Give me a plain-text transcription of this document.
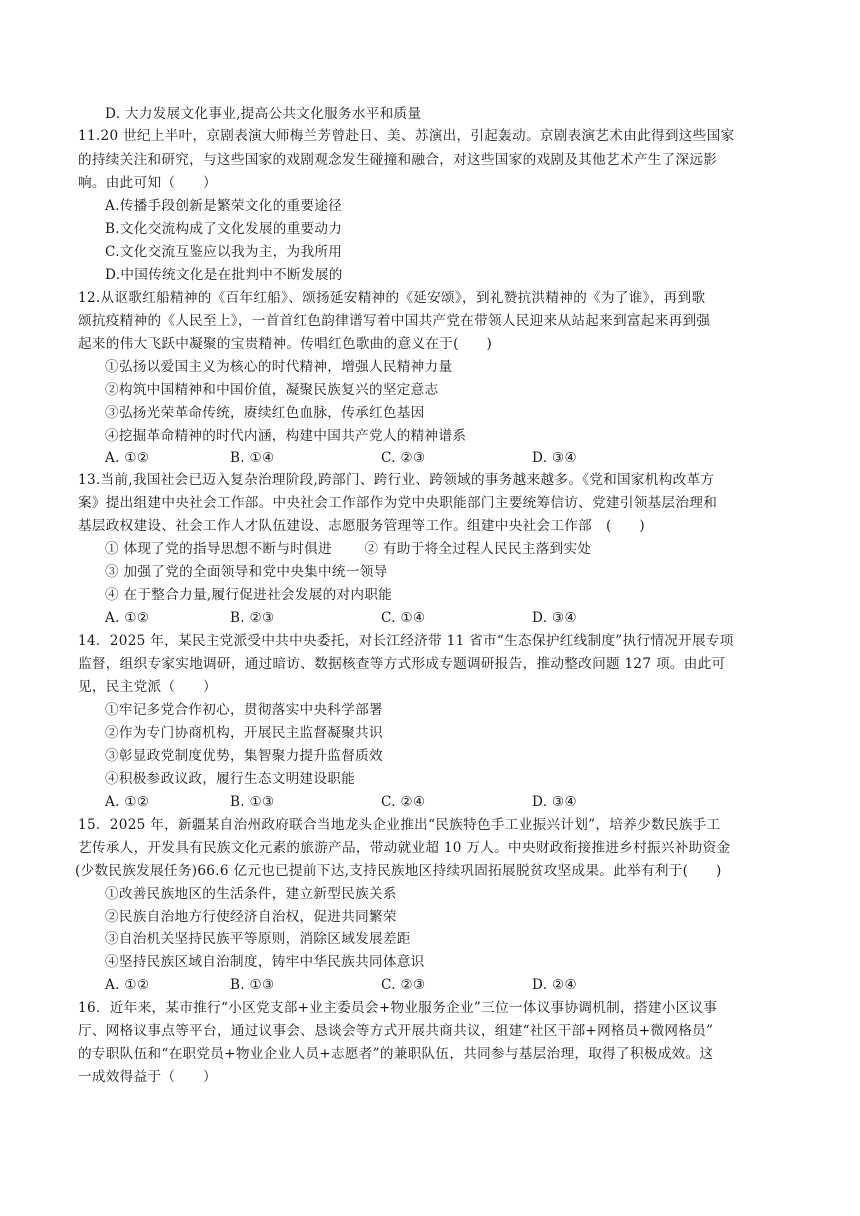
D. 大力发展文化事业,提高公共文化服务水平和质量
11.20 世纪上半叶，京剧表演大师梅兰芳曾赴日、美、苏演出，引起轰动。京剧表演艺术由此得到这些国家
的持续关注和研究，与这些国家的戏剧观念发生碰撞和融合，对这些国家的戏剧及其他艺术产生了深远影
响。由此可知（　　）
A.传播手段创新是繁荣文化的重要途径
B.文化交流构成了文化发展的重要动力
C.文化交流互鉴应以我为主，为我所用
D.中国传统文化是在批判中不断发展的
12.从讴歌红船精神的《百年红船》、颂扬延安精神的《延安颂》，到礼赞抗洪精神的《为了谁》，再到歌
颂抗疫精神的《人民至上》，一首首红色韵律谱写着中国共产党在带领人民迎来从站起来到富起来再到强
起来的伟大飞跃中凝聚的宝贵精神。传唱红色歌曲的意义在于(　　)
①弘扬以爱国主义为核心的时代精神，增强人民精神力量
②构筑中国精神和中国价值，凝聚民族复兴的坚定意志
③弘扬光荣革命传统，赓续红色血脉，传承红色基因
④挖掘革命精神的时代内涵，构建中国共产党人的精神谱系
A. ①②	B. ①④	C. ②③	D. ③④
13.当前,我国社会已迈入复杂治理阶段,跨部门、跨行业、跨领域的事务越来越多。《党和国家机构改革方
案》提出组建中央社会工作部。中央社会工作部作为党中央职能部门主要统筹信访、党建引领基层治理和
基层政权建设、社会工作人才队伍建设、志愿服务管理等工作。组建中央社会工作部　(　　)
① 体现了党的指导思想不断与时俱进　　 ② 有助于将全过程人民民主落到实处
③ 加强了党的全面领导和党中央集中统一领导
④ 在于整合力量,履行促进社会发展的对内职能
A. ①②	B. ②③	C. ①④	D. ③④
14．2025 年，某民主党派受中共中央委托，对长江经济带 11 省市“生态保护红线制度”执行情况开展专项
监督，组织专家实地调研，通过暗访、数据核查等方式形成专题调研报告，推动整改问题 127 项。由此可
见，民主党派（　　）
①牢记多党合作初心，贯彻落实中央科学部署
②作为专门协商机构，开展民主监督凝聚共识
③彰显政党制度优势，集智聚力提升监督质效
④积极参政议政，履行生态文明建设职能
A. ①②	B. ①③	C. ②④	D. ③④
15．2025 年，新疆某自治州政府联合当地龙头企业推出“民族特色手工业振兴计划”，培养少数民族手工
艺传承人，开发具有民族文化元素的旅游产品，带动就业超 10 万人。中央财政衔接推进乡村振兴补助资金
(少数民族发展任务)66.6 亿元也已提前下达,支持民族地区持续巩固拓展脱贫攻坚成果。此举有利于(　　)
①改善民族地区的生活条件，建立新型民族关系
②民族自治地方行使经济自治权，促进共同繁荣
③自治机关坚持民族平等原则，消除区域发展差距
④坚持民族区域自治制度，铸牢中华民族共同体意识
A. ①②	B. ①③	C. ②③	D. ②④
16．近年来，某市推行“小区党支部+业主委员会+物业服务企业”三位一体议事协调机制，搭建小区议事
厅、网格议事点等平台，通过议事会、恳谈会等方式开展共商共议，组建“社区干部+网格员+微网格员”
的专职队伍和“在职党员+物业企业人员+志愿者”的兼职队伍，共同参与基层治理，取得了积极成效。这
一成效得益于（　　）
